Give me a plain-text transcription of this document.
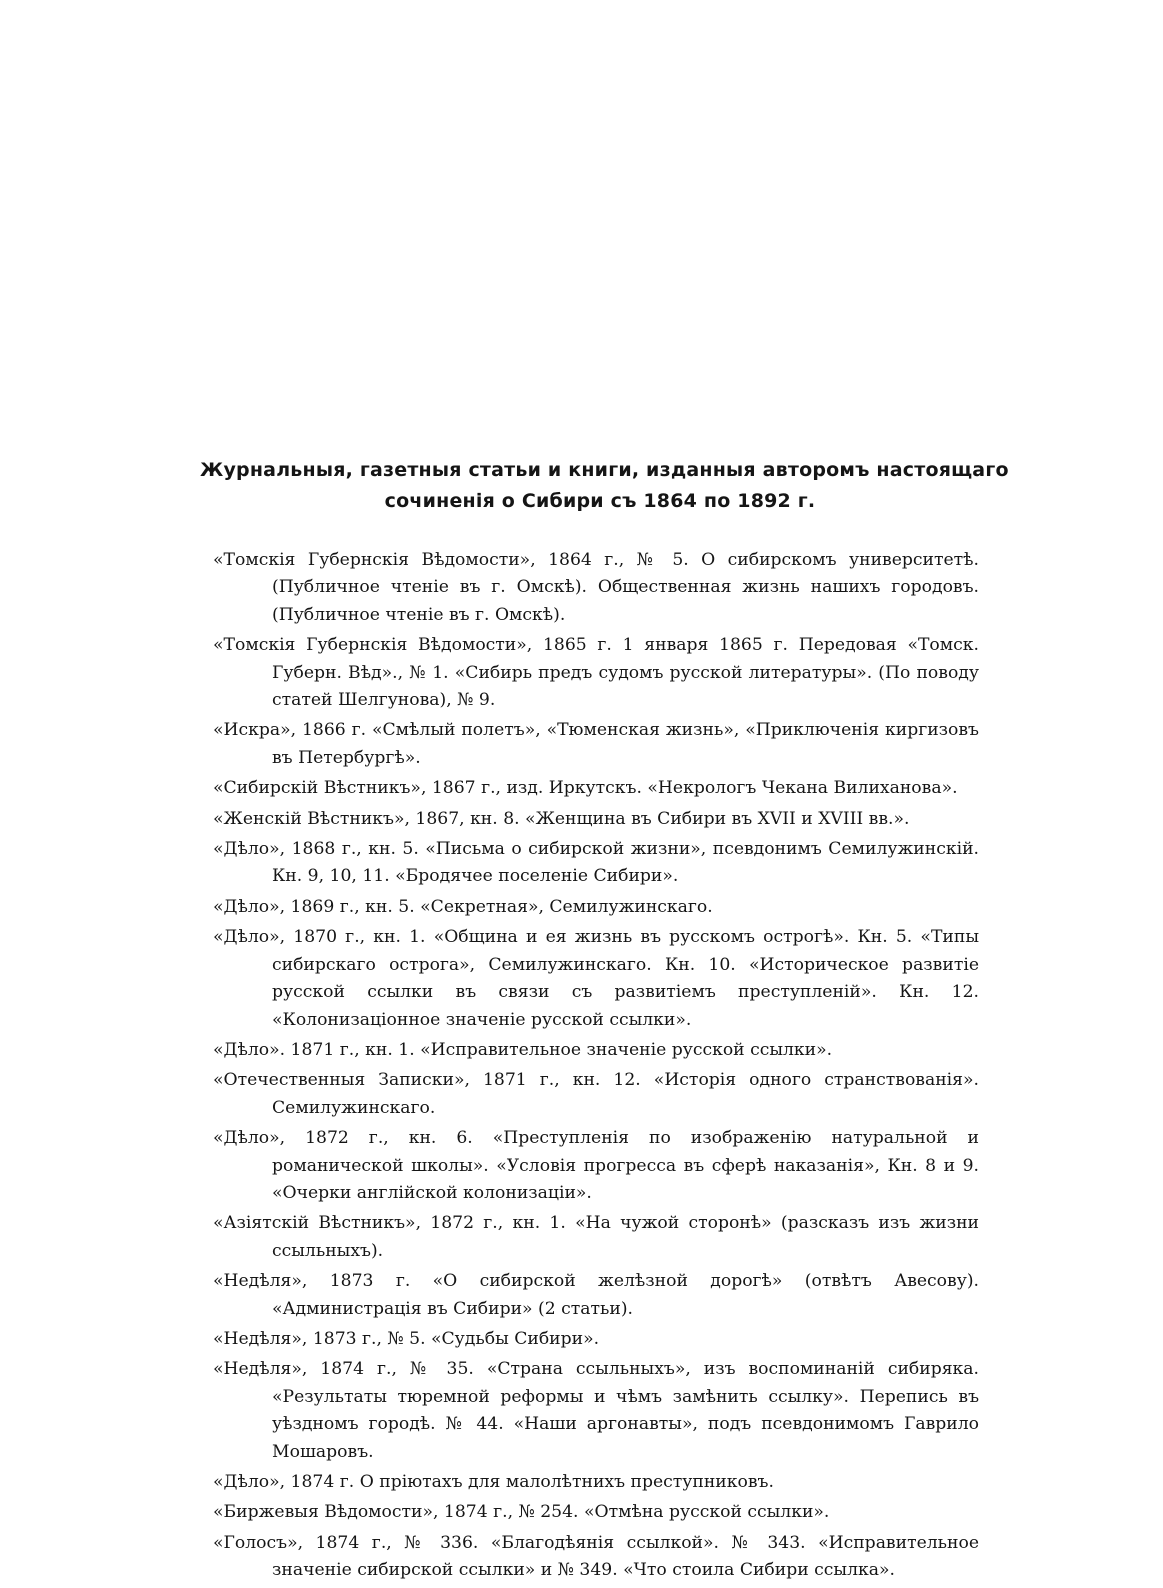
Журнальныя, газетныя статьи и книги, изданныя авторомъ настоящаго
сочиненія о Сибири съ 1864 по 1892 г.

«Томскія Губернскія Вѣдомости», 1864 г., № 5. О сибирскомъ университетѣ. (Публичное чтеніе въ г. Омскѣ). Общественная жизнь нашихъ городовъ. (Публичное чтеніе въ г. Омскѣ).

«Томскія Губернскія Вѣдомости», 1865 г. 1 января 1865 г. Передовая «Томск. Губерн. Вѣд»., № 1. «Сибирь предъ судомъ русской литературы». (По поводу статей Шелгунова), № 9.

«Искра», 1866 г. «Смѣлый полетъ», «Тюменская жизнь», «Приключенія киргизовъ въ Петербургѣ».

«Сибирскій Вѣстникъ», 1867 г., изд. Иркутскъ. «Некрологъ Чекана Вилиханова».

«Женскій Вѣстникъ», 1867, кн. 8. «Женщина въ Сибири въ XVII и XVIII вв.».

«Дѣло», 1868 г., кн. 5. «Письма о сибирской жизни», псевдонимъ Семилужинскій. Кн. 9, 10, 11. «Бродячее поселеніе Сибири».

«Дѣло», 1869 г., кн. 5. «Секретная», Семилужинскаго.

«Дѣло», 1870 г., кн. 1. «Община и ея жизнь въ русскомъ острогѣ». Кн. 5. «Типы сибирскаго острога», Семилужинскаго. Кн. 10. «Историческое развитіе русской ссылки въ связи съ развитіемъ преступленій». Кн. 12. «Колонизаціонное значеніе русской ссылки».

«Дѣло». 1871 г., кн. 1. «Исправительное значеніе русской ссылки».

«Отечественныя Записки», 1871 г., кн. 12. «Исторія одного странствованія». Семилужинскаго.

«Дѣло», 1872 г., кн. 6. «Преступленія по изображенію натуральной и романической школы». «Условія прогресса въ сферѣ наказанія», Кн. 8 и 9. «Очерки англійской колонизаціи».

«Азіятскій Вѣстникъ», 1872 г., кн. 1. «На чужой сторонѣ» (разсказъ изъ жизни ссыльныхъ).

«Недѣля», 1873 г. «О сибирской желѣзной дорогѣ» (отвѣтъ Авесову). «Администрація въ Сибири» (2 статьи).

«Недѣля», 1873 г., № 5. «Судьбы Сибири».

«Недѣля», 1874 г., № 35. «Страна ссыльныхъ», изъ воспоминаній сибиряка. «Результаты тюремной реформы и чѣмъ замѣнить ссылку». Перепись въ уѣздномъ городѣ. № 44. «Наши аргонавты», подъ псевдонимомъ Гаврило Мошаровъ.

«Дѣло», 1874 г. О пріютахъ для малолѣтнихъ преступниковъ.

«Биржевыя Вѣдомости», 1874 г., № 254. «Отмѣна русской ссылки».

«Голосъ», 1874 г., № 336. «Благодѣянія ссылкой». № 343. «Исправительное значеніе сибирской ссылки» и № 349. «Что стоила Сибири ссылка».
